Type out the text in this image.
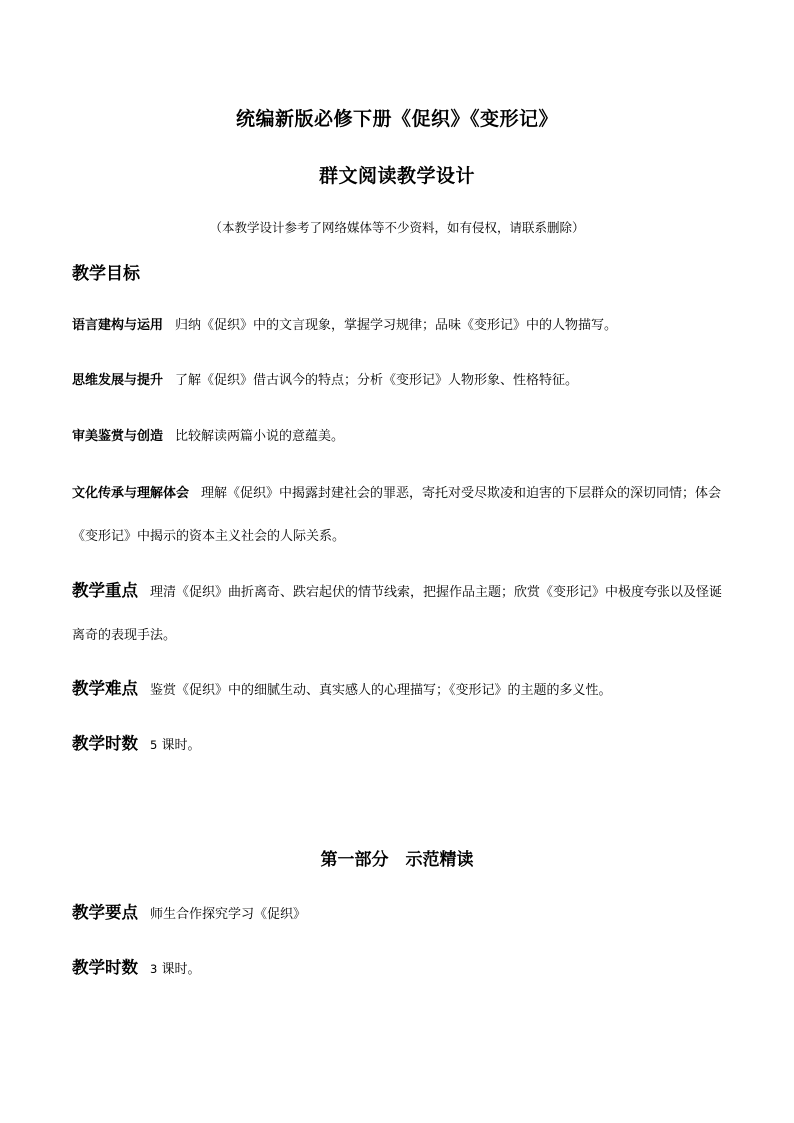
统编新版必修下册《促织》《变形记》
群文阅读教学设计
（本教学设计参考了网络媒体等不少资料，如有侵权，请联系删除）
教学目标
语言建构与运用 归纳《促织》中的文言现象，掌握学习规律；品味《变形记》中的人物描写。
思维发展与提升 了解《促织》借古讽今的特点；分析《变形记》人物形象、性格特征。
审美鉴赏与创造 比较解读两篇小说的意蕴美。
文化传承与理解体会 理解《促织》中揭露封建社会的罪恶，寄托对受尽欺凌和迫害的下层群众的深切同情；体会《变形记》中揭示的资本主义社会的人际关系。
教学重点 理清《促织》曲折离奇、跌宕起伏的情节线索，把握作品主题；欣赏《变形记》中极度夸张以及怪诞离奇的表现手法。
教学难点 鉴赏《促织》中的细腻生动、真实感人的心理描写；《变形记》的主题的多义性。
教学时数 5 课时。
第一部分　示范精读
教学要点 师生合作探究学习《促织》
教学时数 3 课时。
